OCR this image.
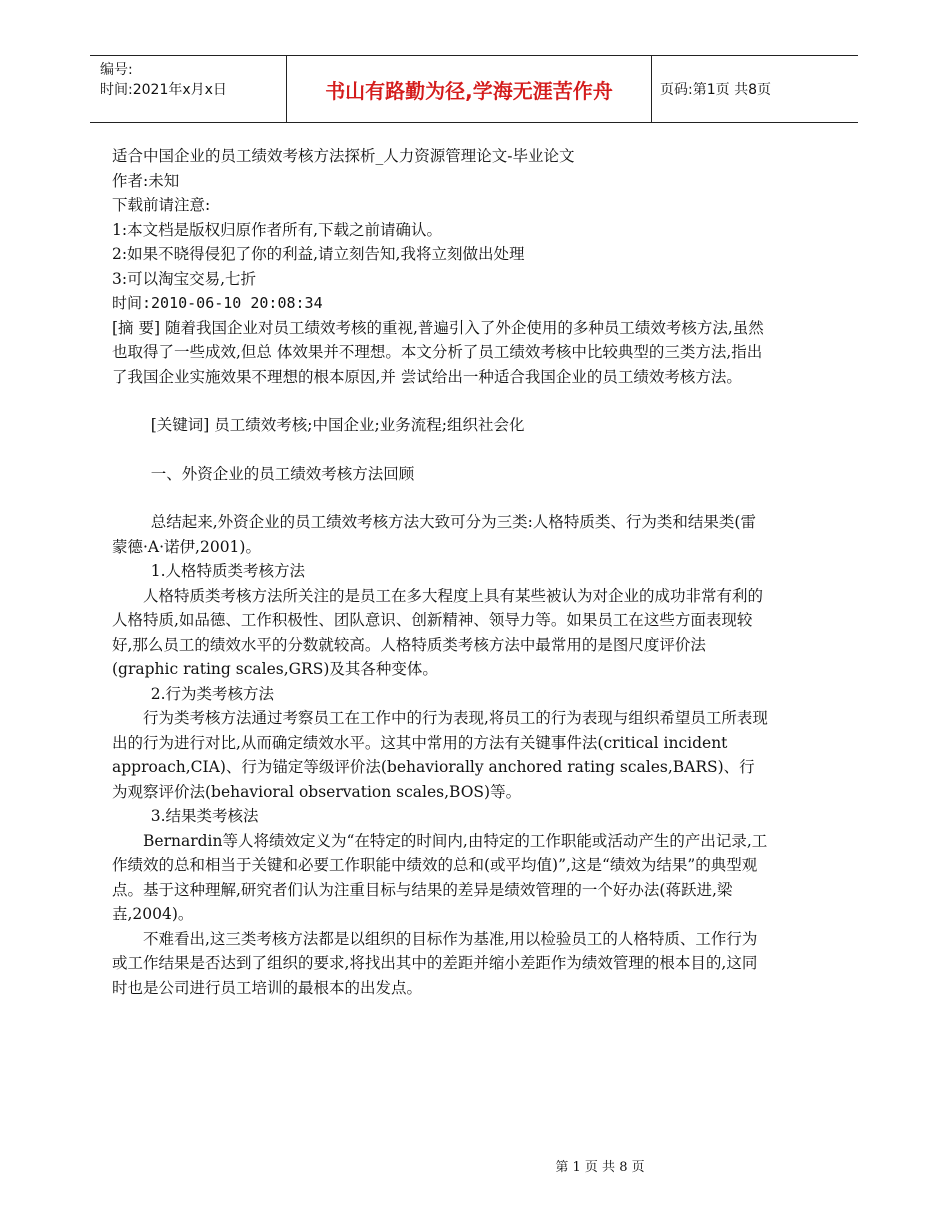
编号:
时间:2021年x月x日	书山有路勤为径,学海无涯苦作舟	页码:第1页 共8页

适合中国企业的员工绩效考核方法探析_人力资源管理论文-毕业论文

作者:未知

下载前请注意:

1:本文档是版权归原作者所有,下载之前请确认。

2:如果不晓得侵犯了你的利益,请立刻告知,我将立刻做出处理

3:可以淘宝交易,七折

时间:2010-06-10 20:08:34

[摘 要] 随着我国企业对员工绩效考核的重视,普遍引入了外企使用的多种员工绩效考核方法,虽然也取得了一些成效,但总 体效果并不理想。本文分析了员工绩效考核中比较典型的三类方法,指出了我国企业实施效果不理想的根本原因,并 尝试给出一种适合我国企业的员工绩效考核方法。

[关键词] 员工绩效考核;中国企业;业务流程;组织社会化

一、外资企业的员工绩效考核方法回顾

总结起来,外资企业的员工绩效考核方法大致可分为三类:人格特质类、行为类和结果类(雷蒙德·A·诺伊,2001)。

1.人格特质类考核方法

人格特质类考核方法所关注的是员工在多大程度上具有某些被认为对企业的成功非常有利的人格特质,如品德、工作积极性、团队意识、创新精神、领导力等。如果员工在这些方面表现较好,那么员工的绩效水平的分数就较高。人格特质类考核方法中最常用的是图尺度评价法(graphic rating scales,GRS)及其各种变体。

2.行为类考核方法

行为类考核方法通过考察员工在工作中的行为表现,将员工的行为表现与组织希望员工所表现出的行为进行对比,从而确定绩效水平。这其中常用的方法有关键事件法(critical incident approach,CIA)、行为锚定等级评价法(behaviorally anchored rating scales,BARS)、行为观察评价法(behavioral observation scales,BOS)等。

3.结果类考核法

Bernardin等人将绩效定义为“在特定的时间内,由特定的工作职能或活动产生的产出记录,工作绩效的总和相当于关键和必要工作职能中绩效的总和(或平均值)”,这是“绩效为结果”的典型观点。基于这种理解,研究者们认为注重目标与结果的差异是绩效管理的一个好办法(蒋跃进,梁壵,2004)。

不难看出,这三类考核方法都是以组织的目标作为基准,用以检验员工的人格特质、工作行为或工作结果是否达到了组织的要求,将找出其中的差距并缩小差距作为绩效管理的根本目的,这同时也是公司进行员工培训的最根本的出发点。

第 1 页 共 8 页
